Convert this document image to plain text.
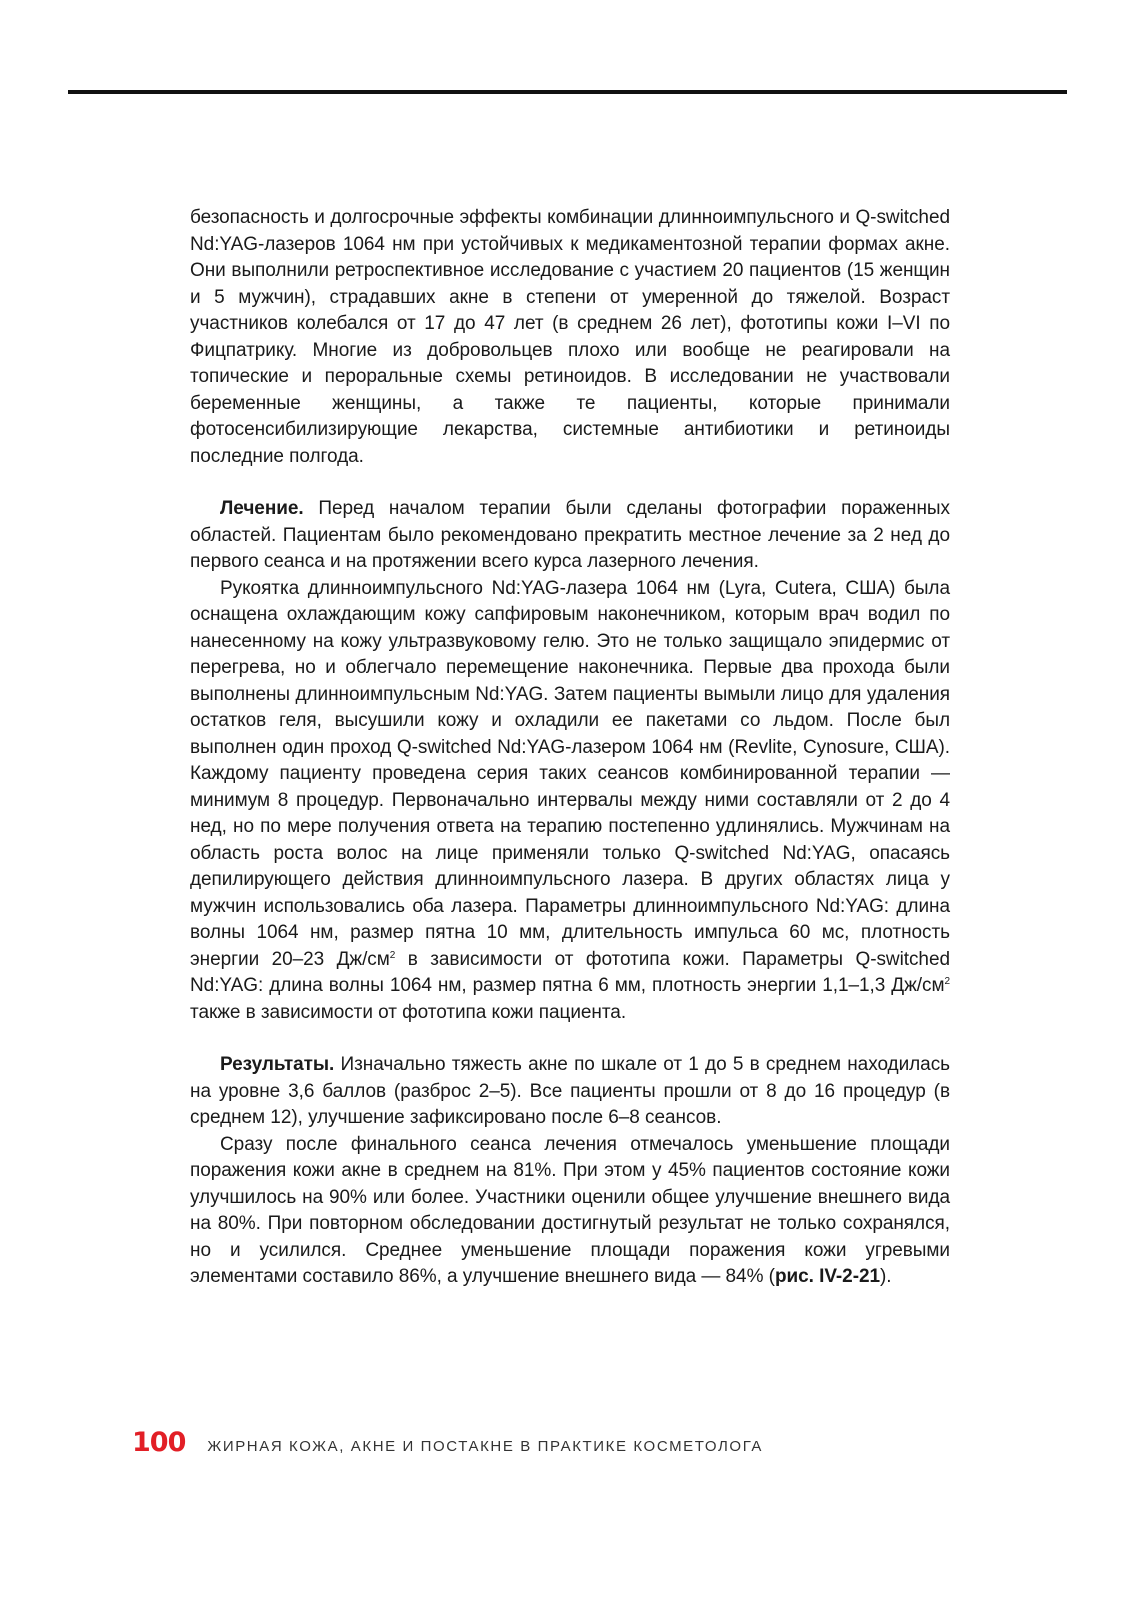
безопасность и долгосрочные эффекты комбинации длинноимпульсного и Q-switched Nd:YAG-лазеров 1064 нм при устойчивых к медикаментозной терапии формах акне. Они выполнили ретроспективное исследование с участием 20 пациентов (15 женщин и 5 мужчин), страдавших акне в степени от умеренной до тяжелой. Возраст участников колебался от 17 до 47 лет (в среднем 26 лет), фототипы кожи I–VI по Фицпатрику. Многие из добровольцев плохо или вообще не реагировали на топические и пероральные схемы ретиноидов. В исследовании не участвовали беременные женщины, а также те пациенты, которые принимали фотосенсибилизирующие лекарства, системные антибиотики и ретиноиды последние полгода.

Лечение. Перед началом терапии были сделаны фотографии пораженных областей. Пациентам было рекомендовано прекратить местное лечение за 2 нед до первого сеанса и на протяжении всего курса лазерного лечения.

Рукоятка длинноимпульсного Nd:YAG-лазера 1064 нм (Lyra, Cutera, США) была оснащена охлаждающим кожу сапфировым наконечником, которым врач водил по нанесенному на кожу ультразвуковому гелю. Это не только защищало эпидермис от перегрева, но и облегчало перемещение наконечника. Первые два прохода были выполнены длинноимпульсным Nd:YAG. Затем пациенты вымыли лицо для удаления остатков геля, высушили кожу и охладили ее пакетами со льдом. После был выполнен один проход Q-switched Nd:YAG-лазером 1064 нм (Revlite, Cynosure, США). Каждому пациенту проведена серия таких сеансов комбинированной терапии — минимум 8 процедур. Первоначально интервалы между ними составляли от 2 до 4 нед, но по мере получения ответа на терапию постепенно удлинялись. Мужчинам на область роста волос на лице применяли только Q-switched Nd:YAG, опасаясь депилирующего действия длинноимпульсного лазера. В других областях лица у мужчин использовались оба лазера. Параметры длинноимпульсного Nd:YAG: длина волны 1064 нм, размер пятна 10 мм, длительность импульса 60 мс, плотность энергии 20–23 $Дж/см^2$ в зависимости от фототипа кожи. Параметры Q-switched Nd:YAG: длина волны 1064 нм, размер пятна 6 мм, плотность энергии 1,1–1,3 $Дж/см^2$ также в зависимости от фототипа кожи пациента.

Результаты. Изначально тяжесть акне по шкале от 1 до 5 в среднем находилась на уровне 3,6 баллов (разброс 2–5). Все пациенты прошли от 8 до 16 процедур (в среднем 12), улучшение зафиксировано после 6–8 сеансов.

Сразу после финального сеанса лечения отмечалось уменьшение площади поражения кожи акне в среднем на 81%. При этом у 45% пациентов состояние кожи улучшилось на 90% или более. Участники оценили общее улучшение внешнего вида на 80%. При повторном обследовании достигнутый результат не только сохранялся, но и усилился. Среднее уменьшение площади поражения кожи угревыми элементами составило 86%, а улучшение внешнего вида — 84% (рис. IV-2-21).

100 ЖИРНАЯ КОЖА, АКНЕ И ПОСТАКНЕ В ПРАКТИКЕ КОСМЕТОЛОГА
